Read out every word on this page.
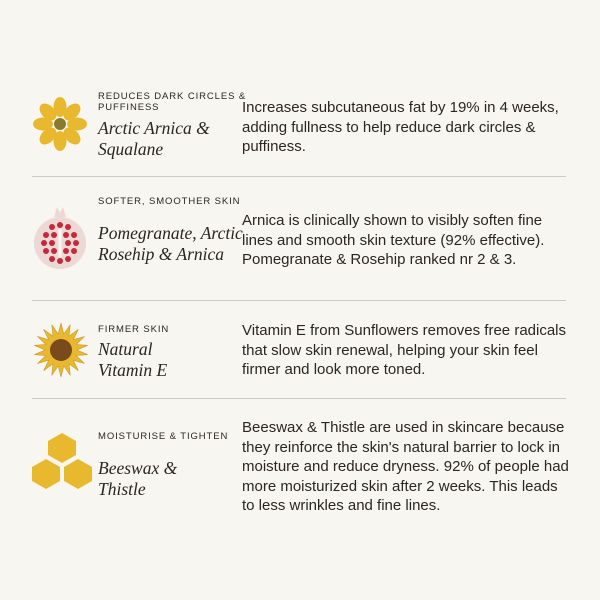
REDUCES DARK CIRCLES & PUFFINESS
Arctic Arnica & Squalane
Increases subcutaneous fat by 19% in 4 weeks, adding fullness to help reduce dark circles & puffiness.
SOFTER, SMOOTHER SKIN
Pomegranate, Arctic Rosehip & Arnica
Arnica is clinically shown to visibly soften fine lines and smooth skin texture (92% effective). Pomegranate & Rosehip ranked nr 2 & 3.
FIRMER SKIN
Natural Vitamin E
Vitamin E from Sunflowers removes free radicals that slow skin renewal, helping your skin feel firmer and look more toned.
MOISTURISE & TIGHTEN
Beeswax & Thistle
Beeswax & Thistle are used in skincare because they reinforce the skin's natural barrier to lock in moisture and reduce dryness. 92% of people had more moisturized skin after 2 weeks. This leads to less wrinkles and fine lines.
